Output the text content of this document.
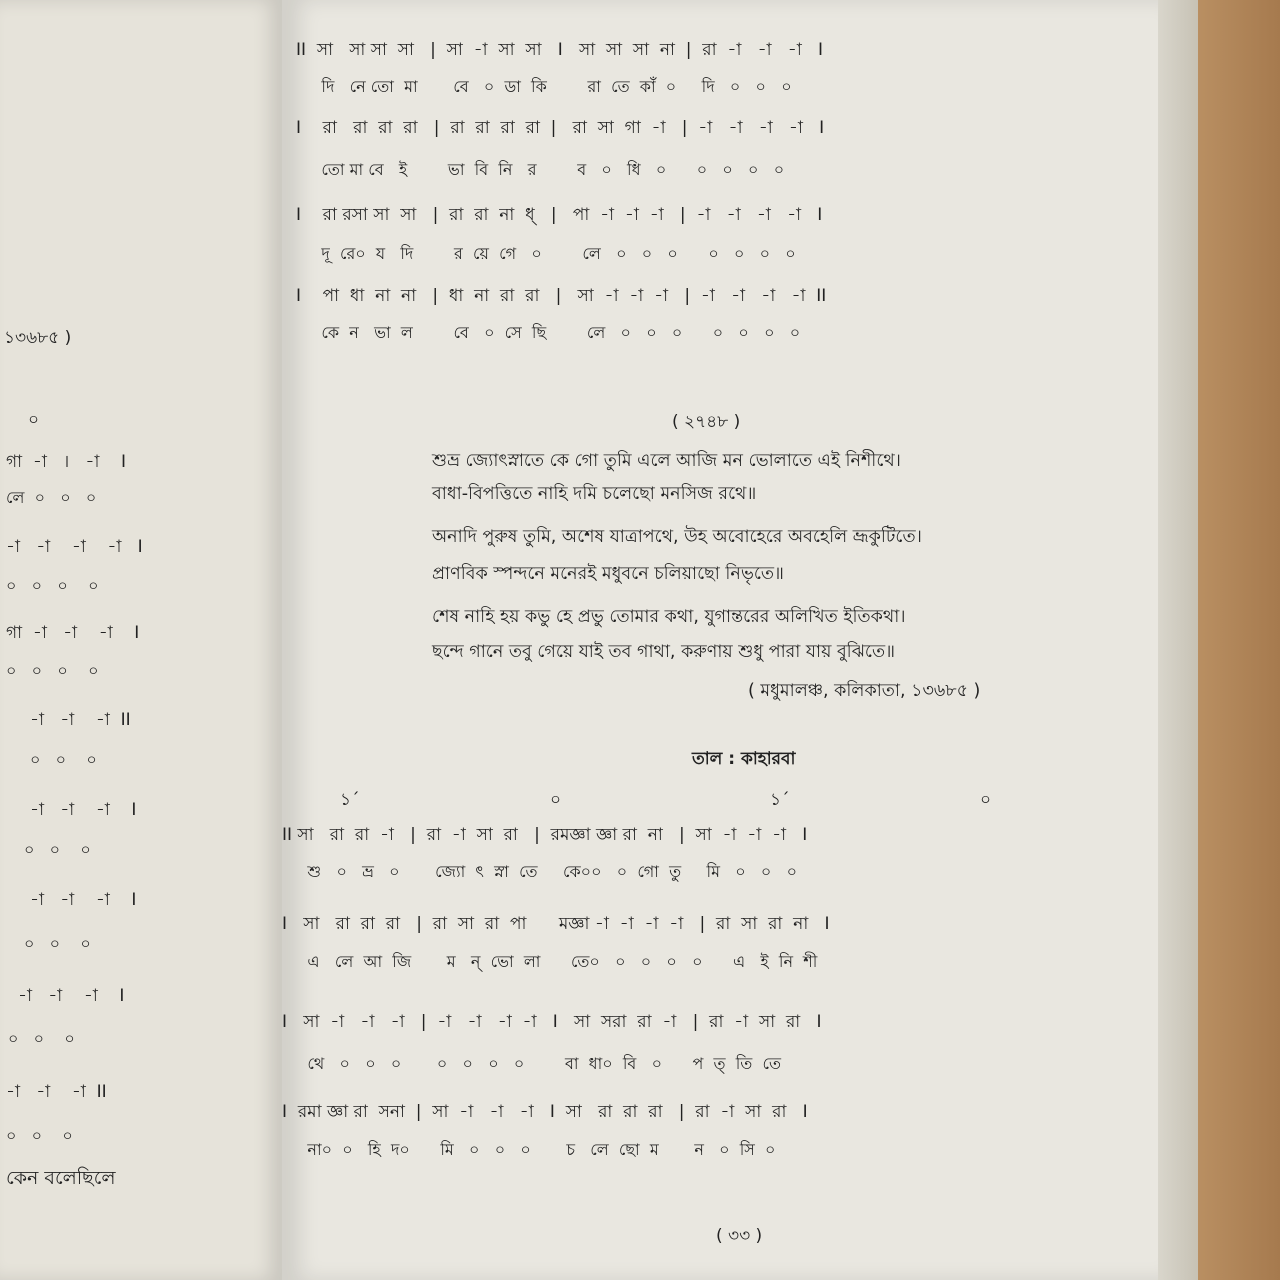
১৩৬৮৫ )
০
গা  -া   ।   -া    I
লে  ০   ০   ০
-া   -া    -া    -া   I
০   ০   ০    ০
গা  -া   -া    -া    I
০   ০   ০    ০
-া   -া    -া  II
০   ০    ০
-া   -া    -া    I
০   ০    ০
-া   -া    -া    I
০   ০    ০
-া   -া    -া    I
০   ০    ০
-া   -া    -া  II
০   ০    ০
কেন বলেছিলে
II  সা   সা সা  সা   |  সা  -া  সা  সা   I   সা  সা  সা  না  |  রা  -া   -া   -া   I
দি   নে তো  মা       বে   ০  ডা  কি        রা  তে  কাঁ  ০     দি   ০   ০   ০
I    রা   রা  রা  রা   |  রা  রা  রা  রা  |   রা  সা  গা  -া   |  -া   -া   -া   -া   I
তো মা বে   ই        ভা  বি  নি   র        ব   ০   ধি   ০      ০   ০   ০   ০
I    রা রসা সা  সা   |  রা  রা  না  ধ্   |   পা  -া  -া  -া   |  -া   -া   -া   -া   I
দূ  রে০  য   দি        র  য়ে  গে   ০        লে   ০   ০   ০      ০   ০   ০   ০
I    পা  ধা  না  না   |  ধা  না  রা  রা   |   সা  -া  -া  -া   |  -া   -া   -া   -া  II
কে  ন   ভা  ল        বে   ০  সে  ছি        লে   ০   ০   ০      ০   ০   ০   ০
( ২৭৪৮ )
শুভ্র জ্যোৎস্নাতে কে গো তুমি এলে আজি মন ভোলাতে এই নিশীথে।
বাধা-বিপত্তিতে নাহি দমি চলেছো মনসিজ রথে॥
অনাদি পুরুষ তুমি, অশেষ যাত্রাপথে, উহ অবোহেরে অবহেলি ভ্রূকুটিতে।
প্রাণবিক স্পন্দনে মনেরই মধুবনে চলিয়াছো নিভৃতে॥
শেষ নাহি হয় কভু হে প্রভু তোমার কথা, যুগান্তরের অলিখিত ইতিকথা।
ছন্দে গানে তবু গেয়ে যাই তব গাথা, করুণায় শুধু পারা যায় বুঝিতে॥
( মধুমালঞ্চ, কলিকাতা, ১৩৬৮৫ )
তাল : কাহারবা
১´	০	১´	০
II সা   রা  রা  -া   |  রা  -া  সা  রা   |  রমজ্ঞা জ্ঞা রা  না   |  সা  -া  -া  -া   I
শু   ০   ভ্র   ০       জ্যো  ৎ  স্না  তে     কে০০   ০  গো  তু     মি   ০   ০   ০
I   সা   রা  রা  রা   |  রা  সা  রা  পা      মজ্ঞা -া  -া  -া  -া   |  রা  সা  রা  না   I
এ   লে  আ  জি       ম   ন্  ভো  লা      তে০   ০   ০   ০   ০      এ   ই  নি  শী
I   সা  -া   -া   -া   |  -া   -া   -া  -া   I   সা  সরা  রা  -া   |  রা  -া  সা  রা   I
থে   ০   ০   ০       ০   ০   ০   ০        বা  ধা০  বি   ০      প  ত্  তি  তে
I  রমা জ্ঞা রা  সনা  |  সা  -া   -া   -া   I  সা   রা  রা  রা   |  রা  -া  সা  রা   I
না০  ০   হি  দ০      মি   ০   ০   ০       চ   লে  ছো  ম       ন   ০  সি  ০
( ৩৩ )
